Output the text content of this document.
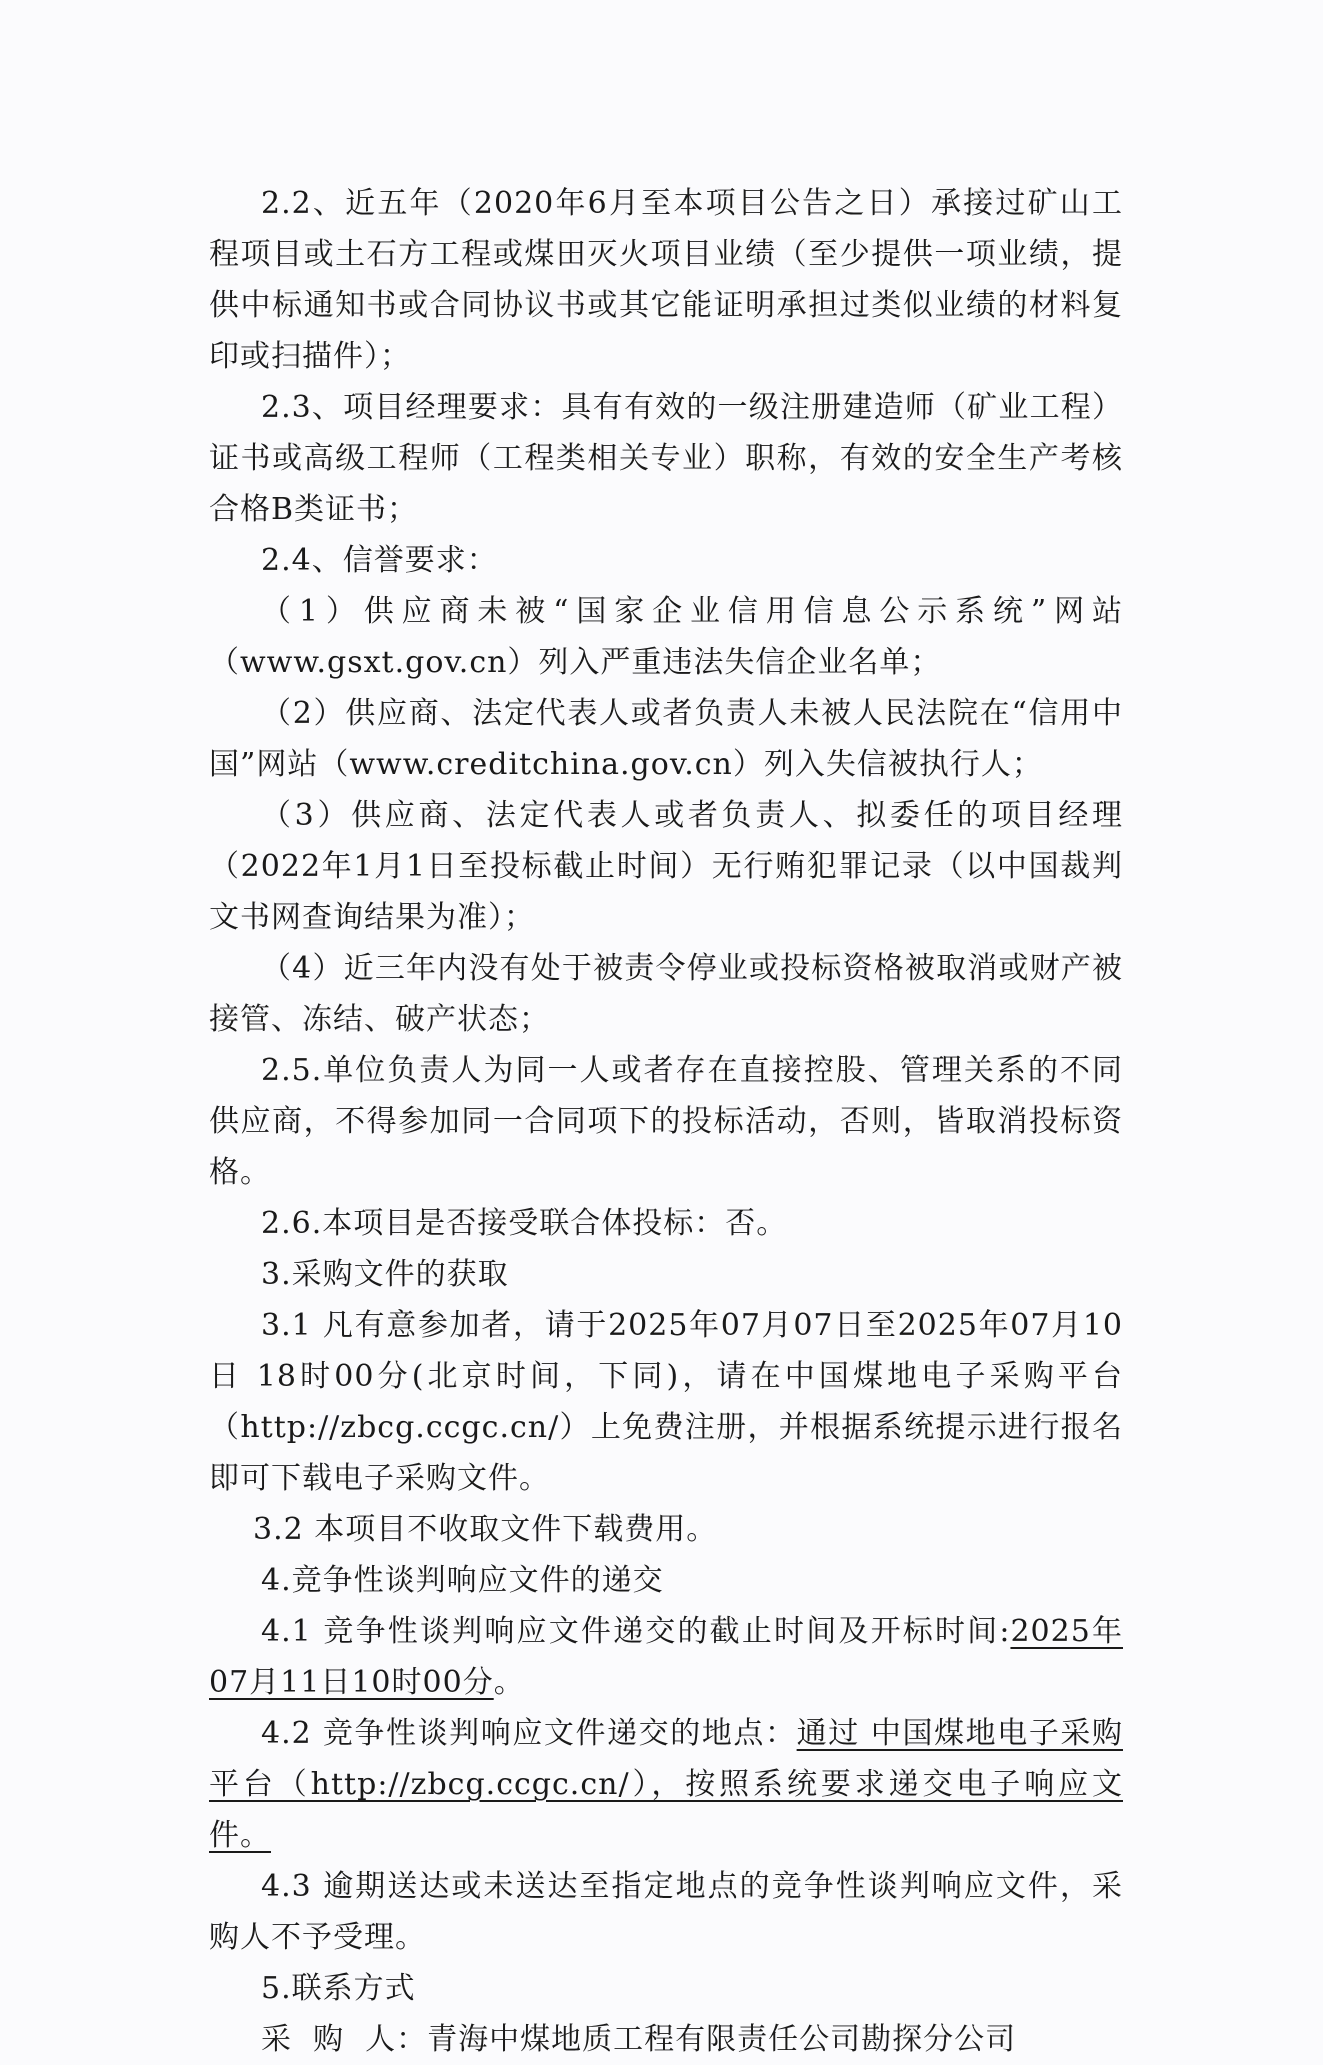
2.2、近五年（2020年6月至本项目公告之日）承接过矿山工程项目或土石方工程或煤田灭火项目业绩（至少提供一项业绩，提供中标通知书或合同协议书或其它能证明承担过类似业绩的材料复印或扫描件）；

2.3、项目经理要求：具有有效的一级注册建造师（矿业工程）证书或高级工程师（工程类相关专业）职称，有效的安全生产考核合格B类证书；

2.4、信誉要求：

（1）供应商未被“国家企业信用信息公示系统”网站（www.gsxt.gov.cn）列入严重违法失信企业名单；

（2）供应商、法定代表人或者负责人未被人民法院在“信用中国”网站（www.creditchina.gov.cn）列入失信被执行人；

（3）供应商、法定代表人或者负责人、拟委任的项目经理（2022年1月1日至投标截止时间）无行贿犯罪记录（以中国裁判文书网查询结果为准）；

（4）近三年内没有处于被责令停业或投标资格被取消或财产被接管、冻结、破产状态；

2.5.单位负责人为同一人或者存在直接控股、管理关系的不同供应商，不得参加同一合同项下的投标活动，否则，皆取消投标资格。

2.6.本项目是否接受联合体投标：否。

3.采购文件的获取

3.1 凡有意参加者，请于2025年07月07日至2025年07月10日 18时00分(北京时间，下同)，请在中国煤地电子采购平台（http://zbcg.ccgc.cn/）上免费注册，并根据系统提示进行报名即可下载电子采购文件。

3.2 本项目不收取文件下载费用。

4.竞争性谈判响应文件的递交

4.1 竞争性谈判响应文件递交的截止时间及开标时间:2025年07月11日10时00分。

4.2 竞争性谈判响应文件递交的地点：通过 中国煤地电子采购平台（http://zbcg.ccgc.cn/），按照系统要求递交电子响应文件。

4.3 逾期送达或未送达至指定地点的竞争性谈判响应文件，采购人不予受理。

5.联系方式

采  购  人：青海中煤地质工程有限责任公司勘探分公司
